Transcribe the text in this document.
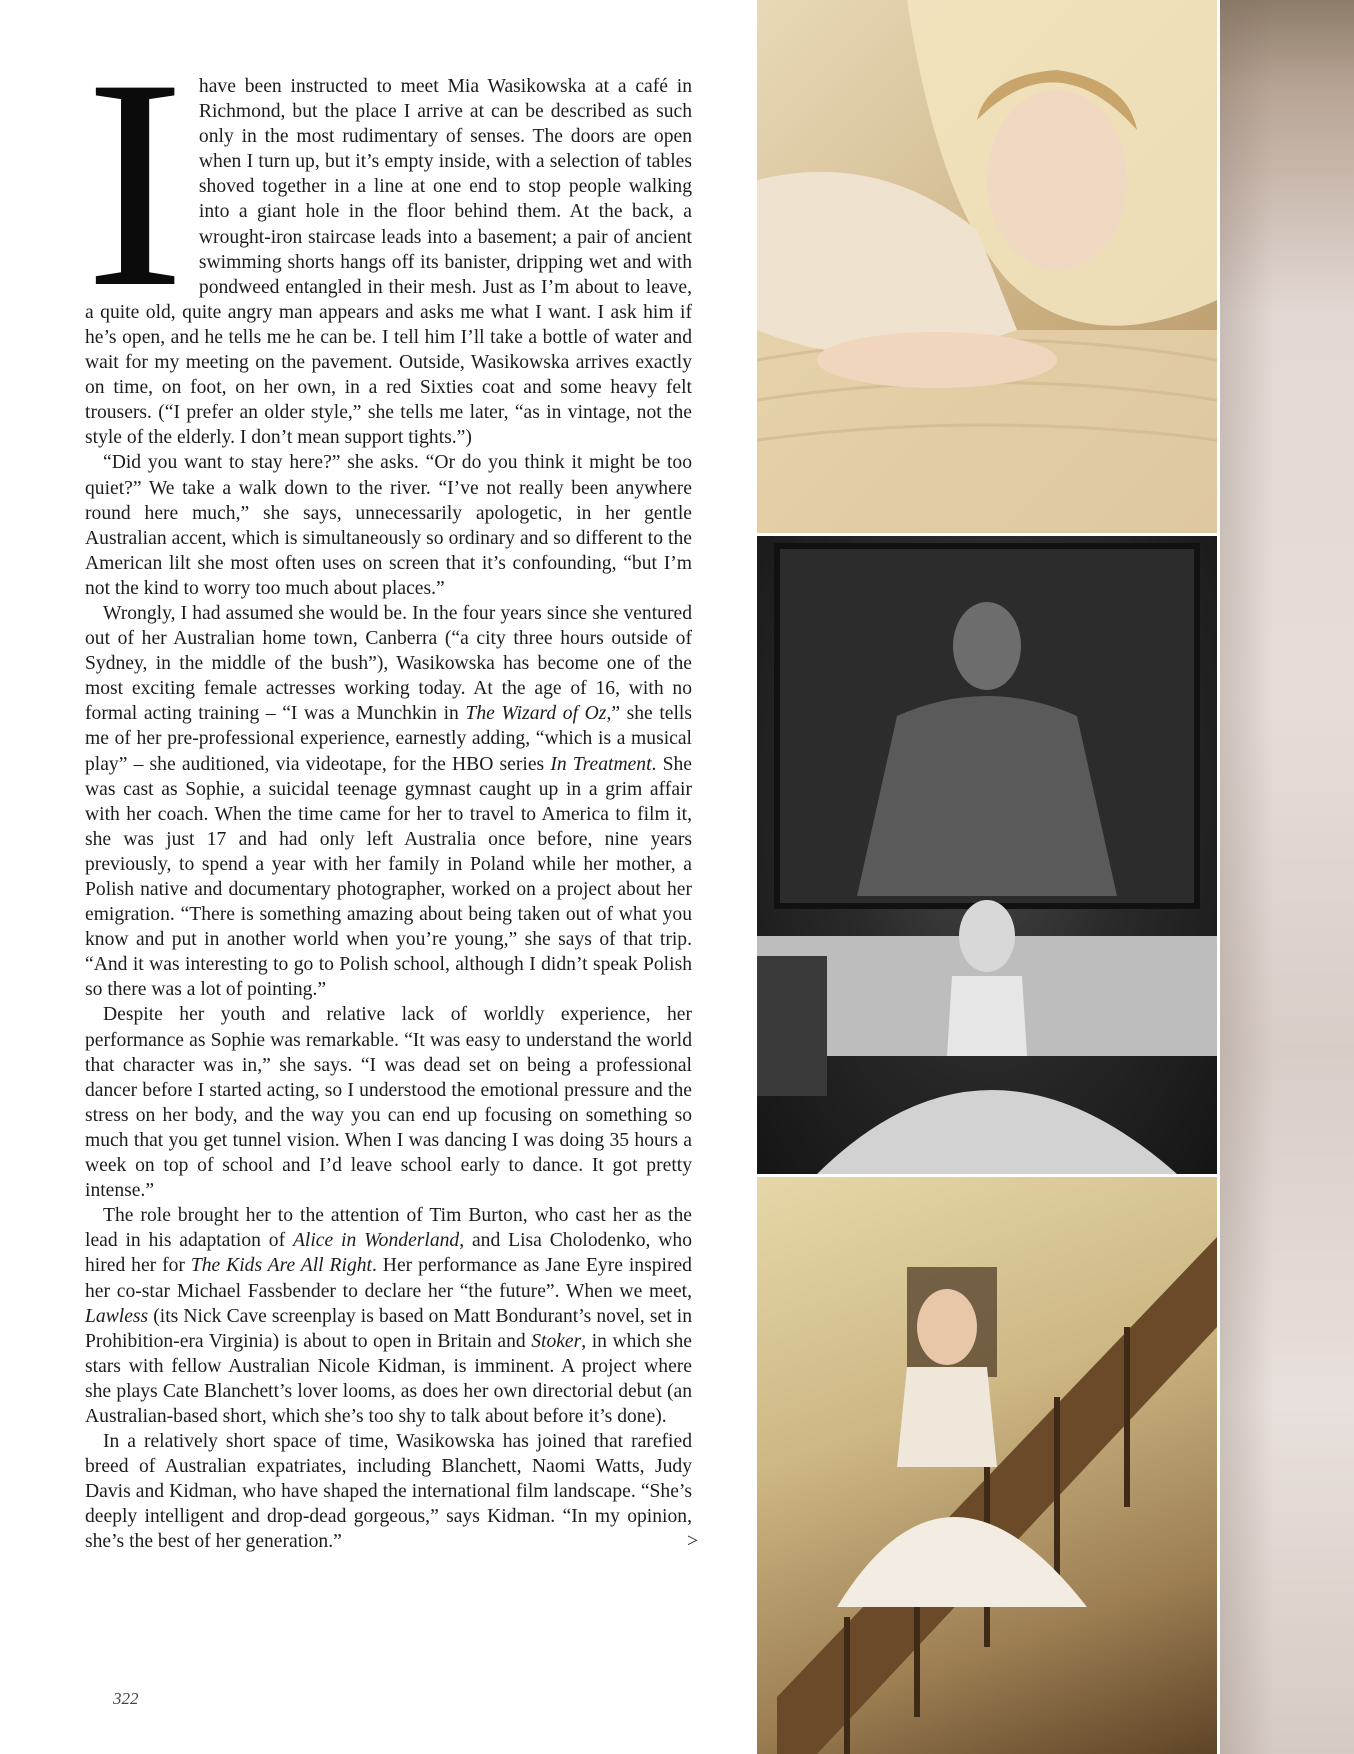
I have been instructed to meet Mia Wasikowska at a café in Richmond, but the place I arrive at can be described as such only in the most rudimentary of senses. The doors are open when I turn up, but it’s empty inside, with a selection of tables shoved together in a line at one end to stop people walking into a giant hole in the floor behind them. At the back, a wrought-iron staircase leads into a basement; a pair of ancient swimming shorts hangs off its banister, dripping wet and with pondweed entangled in their mesh. Just as I’m about to leave, a quite old, quite angry man appears and asks me what I want. I ask him if he’s open, and he tells me he can be. I tell him I’ll take a bottle of water and wait for my meeting on the pavement. Outside, Wasikowska arrives exactly on time, on foot, on her own, in a red Sixties coat and some heavy felt trousers. (“I prefer an older style,” she tells me later, “as in vintage, not the style of the elderly. I don’t mean support tights.”)

“Did you want to stay here?” she asks. “Or do you think it might be too quiet?” We take a walk down to the river. “I’ve not really been anywhere round here much,” she says, unnecessarily apologetic, in her gentle Australian accent, which is simultaneously so ordinary and so different to the American lilt she most often uses on screen that it’s confounding, “but I’m not the kind to worry too much about places.”

Wrongly, I had assumed she would be. In the four years since she ventured out of her Australian home town, Canberra (“a city three hours outside of Sydney, in the middle of the bush”), Wasikowska has become one of the most exciting female actresses working today. At the age of 16, with no formal acting training – “I was a Munchkin in The Wizard of Oz,” she tells me of her pre-professional experience, earnestly adding, “which is a musical play” – she auditioned, via videotape, for the HBO series In Treatment. She was cast as Sophie, a suicidal teenage gymnast caught up in a grim affair with her coach. When the time came for her to travel to America to film it, she was just 17 and had only left Australia once before, nine years previously, to spend a year with her family in Poland while her mother, a Polish native and documentary photographer, worked on a project about her emigration. “There is something amazing about being taken out of what you know and put in another world when you’re young,” she says of that trip. “And it was interesting to go to Polish school, although I didn’t speak Polish so there was a lot of pointing.”

Despite her youth and relative lack of worldly experience, her performance as Sophie was remarkable. “It was easy to understand the world that character was in,” she says. “I was dead set on being a professional dancer before I started acting, so I understood the emotional pressure and the stress on her body, and the way you can end up focusing on something so much that you get tunnel vision. When I was dancing I was doing 35 hours a week on top of school and I’d leave school early to dance. It got pretty intense.”

The role brought her to the attention of Tim Burton, who cast her as the lead in his adaptation of Alice in Wonderland, and Lisa Cholodenko, who hired her for The Kids Are All Right. Her performance as Jane Eyre inspired her co-star Michael Fassbender to declare her “the future”. When we meet, Lawless (its Nick Cave screenplay is based on Matt Bondurant’s novel, set in Prohibition-era Virginia) is about to open in Britain and Stoker, in which she stars with fellow Australian Nicole Kidman, is imminent. A project where she plays Cate Blanchett’s lover looms, as does her own directorial debut (an Australian-based short, which she’s too shy to talk about before it’s done).

In a relatively short space of time, Wasikowska has joined that rarefied breed of Australian expatriates, including Blanchett, Naomi Watts, Judy Davis and Kidman, who have shaped the international film landscape. “She’s deeply intelligent and drop-dead gorgeous,” says Kidman. “In my opinion, she’s the best of her generation.”	>

322
